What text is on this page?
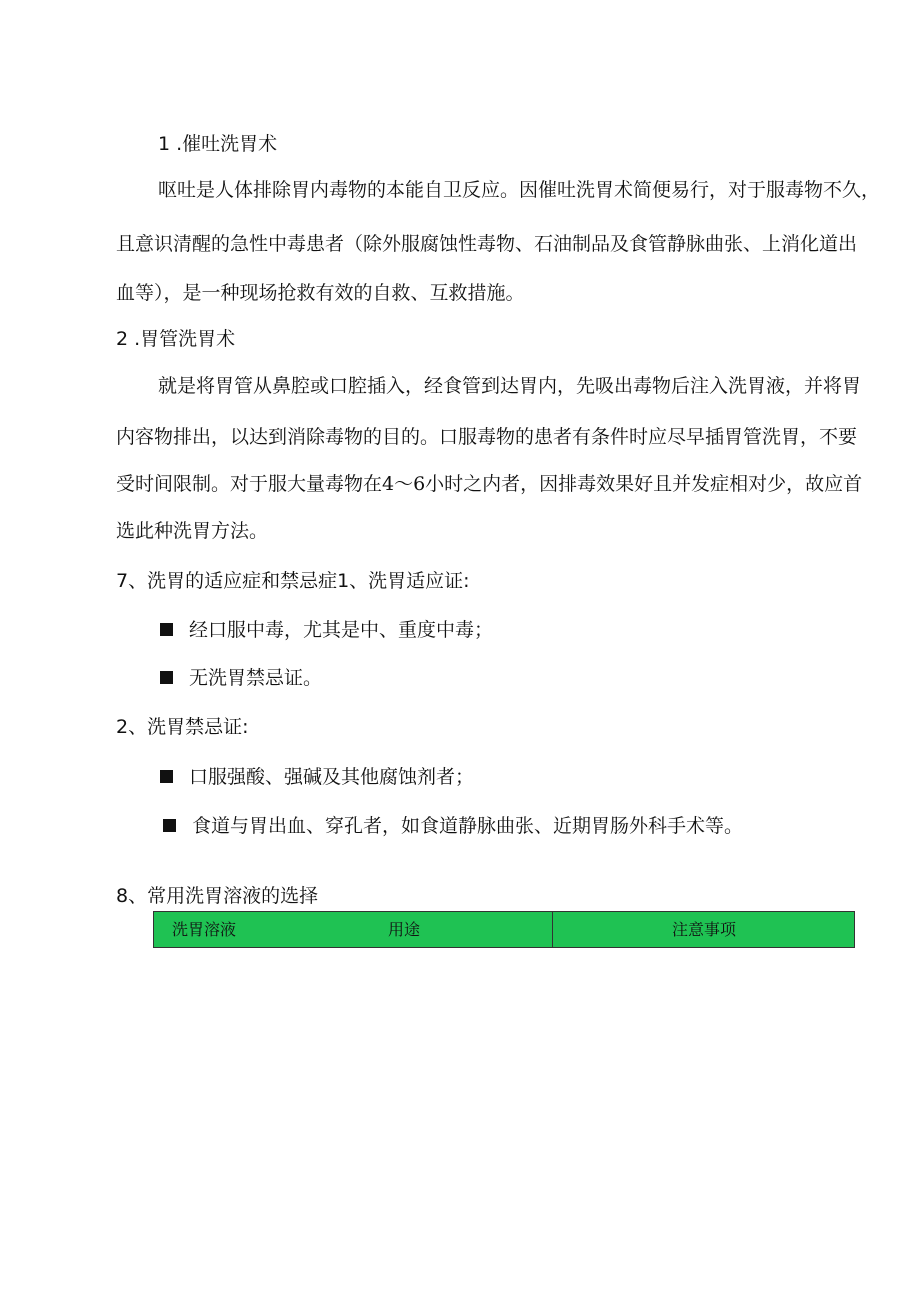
1 .催吐洗胃术
呕吐是人体排除胃内毒物的本能自卫反应。因催吐洗胃术简便易行，对于服毒物不久，
且意识清醒的急性中毒患者（除外服腐蚀性毒物、石油制品及食管静脉曲张、上消化道出
血等），是一种现场抢救有效的自救、互救措施。
2 .胃管洗胃术
就是将胃管从鼻腔或口腔插入，经食管到达胃内，先吸出毒物后注入洗胃液，并将胃
内容物排出，以达到消除毒物的目的。口服毒物的患者有条件时应尽早插胃管洗胃，不要
受时间限制。对于服大量毒物在4～6小时之内者，因排毒效果好且并发症相对少，故应首
选此种洗胃方法。
7、洗胃的适应症和禁忌症1、洗胃适应证:
经口服中毒，尤其是中、重度中毒；
无洗胃禁忌证。
2、洗胃禁忌证:
口服强酸、强碱及其他腐蚀剂者；
食道与胃出血、穿孔者，如食道静脉曲张、近期胃肠外科手术等。
8、常用洗胃溶液的选择
洗胃溶液	用途	注意事项
